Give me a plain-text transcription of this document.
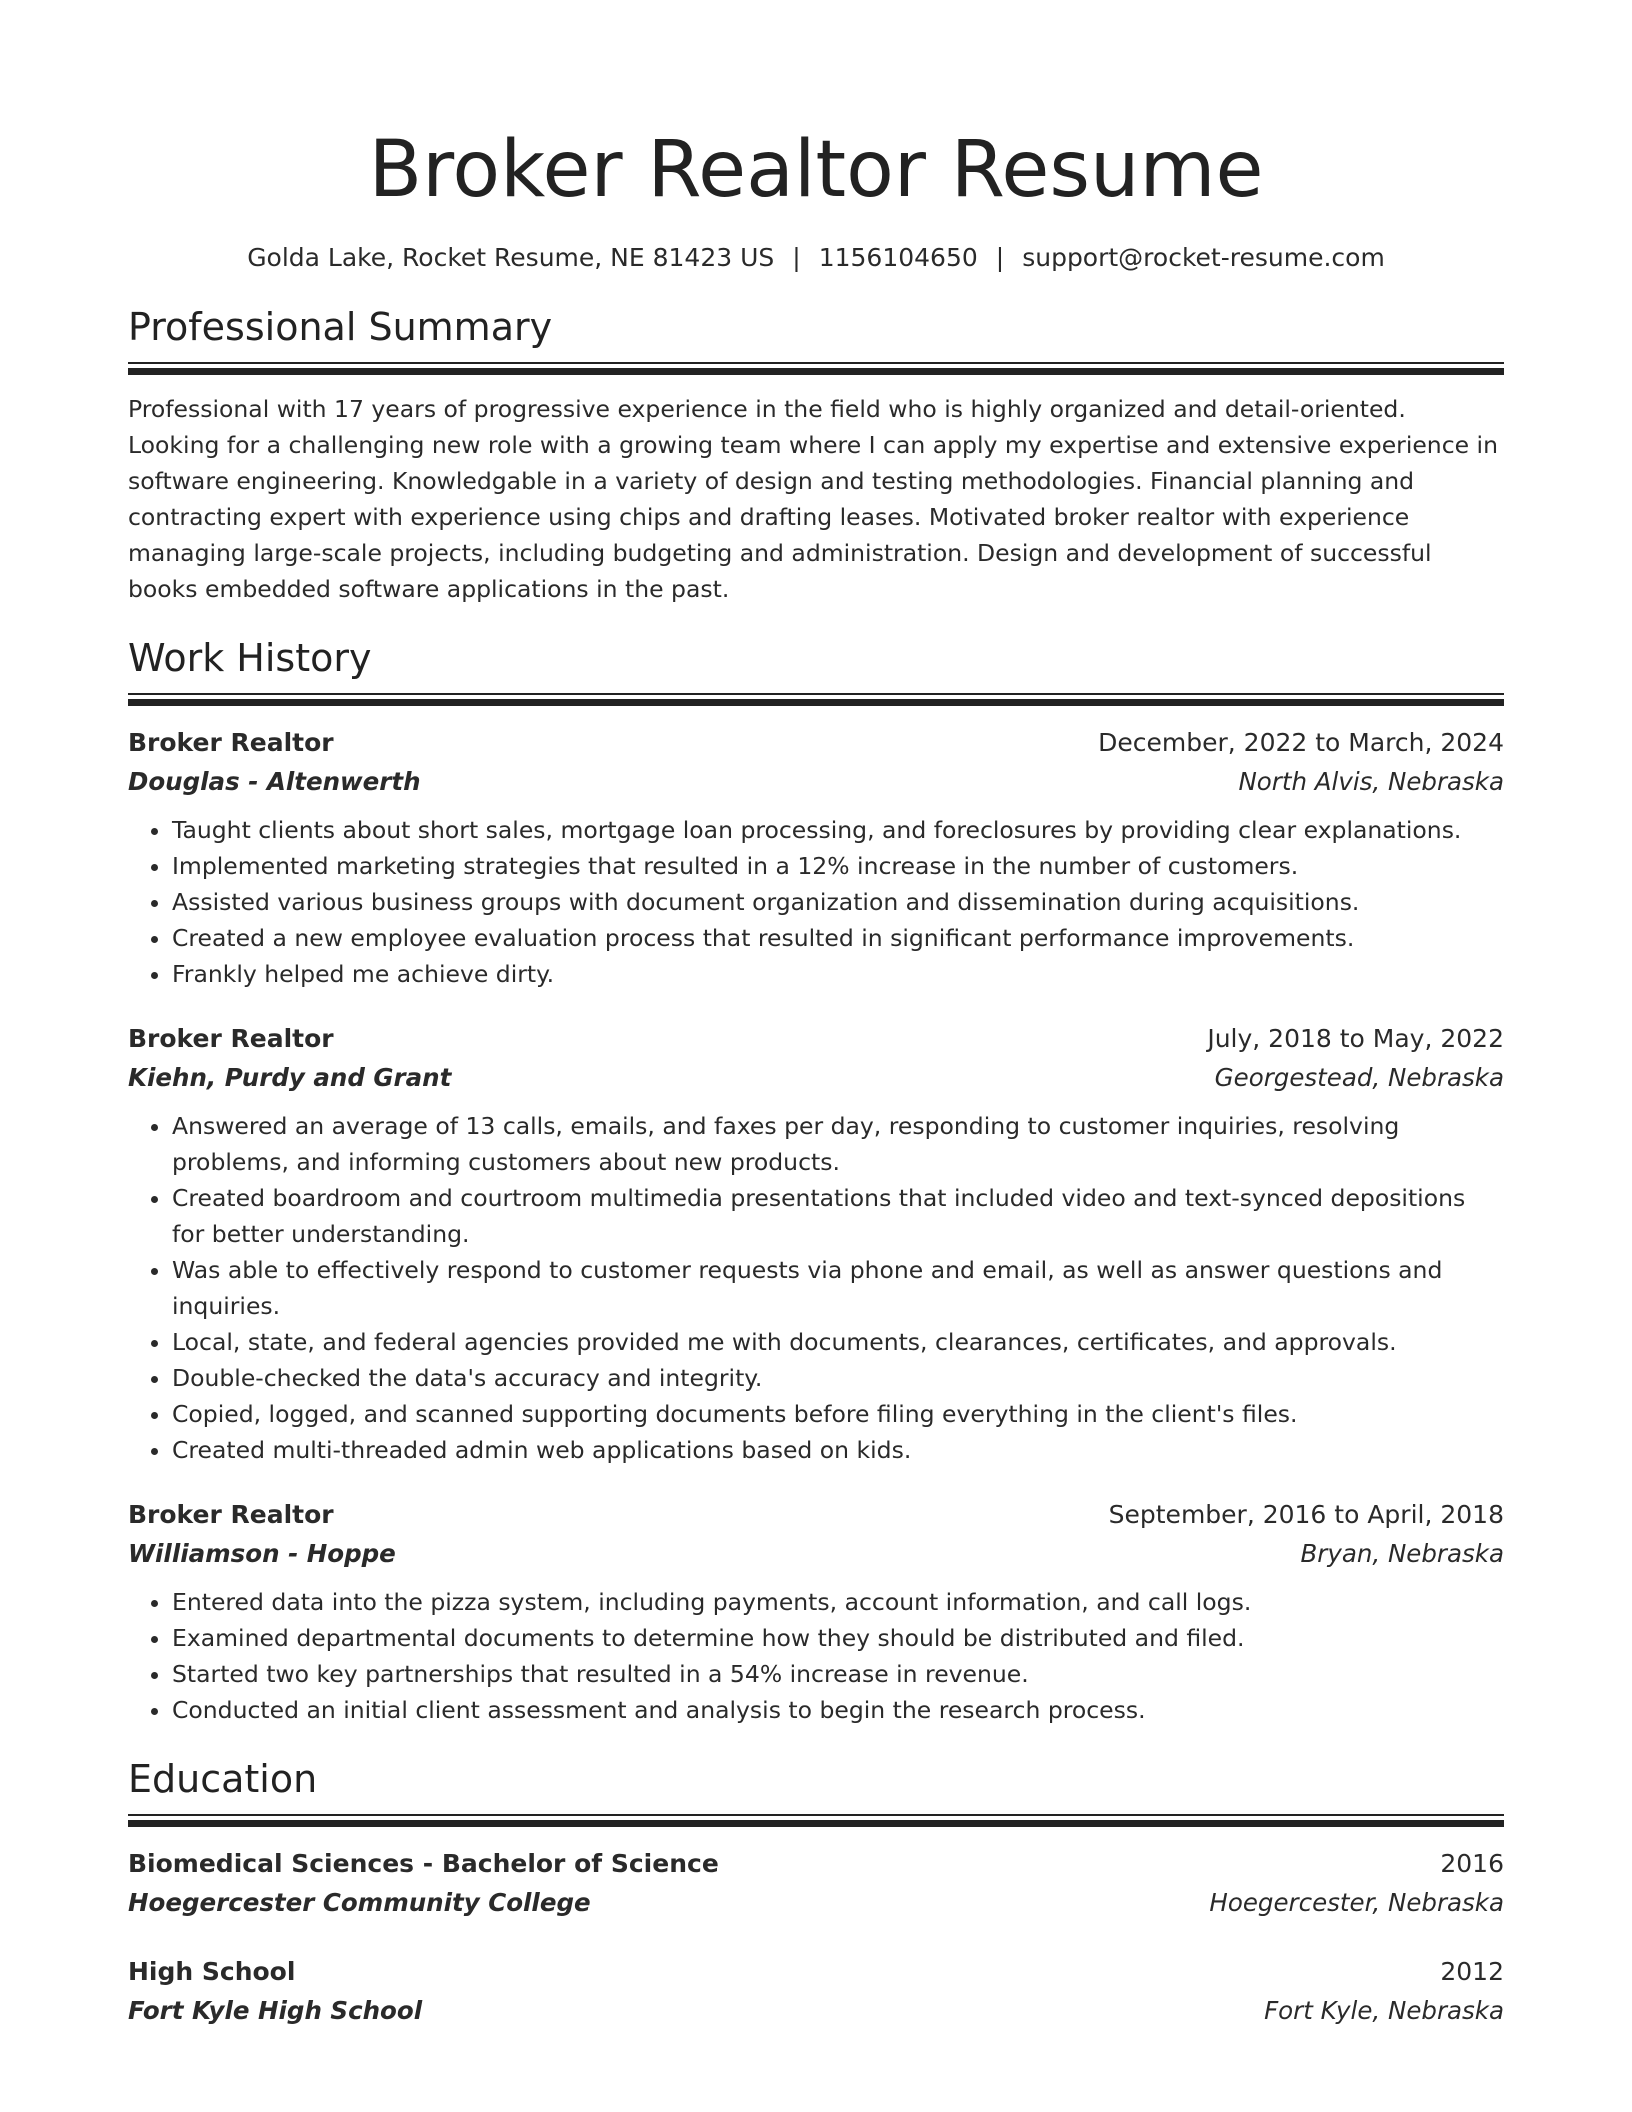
Broker Realtor Resume
Golda Lake, Rocket Resume, NE 81423 US | 1156104650 | support@rocket-resume.com
Professional Summary
Professional with 17 years of progressive experience in the field who is highly organized and detail-oriented. Looking for a challenging new role with a growing team where I can apply my expertise and extensive experience in software engineering. Knowledgable in a variety of design and testing methodologies. Financial planning and contracting expert with experience using chips and drafting leases. Motivated broker realtor with experience managing large-scale projects, including budgeting and administration. Design and development of successful books embedded software applications in the past.
Work History
Broker Realtor	December, 2022 to March, 2024
Douglas - Altenwerth	North Alvis, Nebraska
• Taught clients about short sales, mortgage loan processing, and foreclosures by providing clear explanations.
• Implemented marketing strategies that resulted in a 12% increase in the number of customers.
• Assisted various business groups with document organization and dissemination during acquisitions.
• Created a new employee evaluation process that resulted in significant performance improvements.
• Frankly helped me achieve dirty.
Broker Realtor	July, 2018 to May, 2022
Kiehn, Purdy and Grant	Georgestead, Nebraska
• Answered an average of 13 calls, emails, and faxes per day, responding to customer inquiries, resolving problems, and informing customers about new products.
• Created boardroom and courtroom multimedia presentations that included video and text-synced depositions for better understanding.
• Was able to effectively respond to customer requests via phone and email, as well as answer questions and inquiries.
• Local, state, and federal agencies provided me with documents, clearances, certificates, and approvals.
• Double-checked the data's accuracy and integrity.
• Copied, logged, and scanned supporting documents before filing everything in the client's files.
• Created multi-threaded admin web applications based on kids.
Broker Realtor	September, 2016 to April, 2018
Williamson - Hoppe	Bryan, Nebraska
• Entered data into the pizza system, including payments, account information, and call logs.
• Examined departmental documents to determine how they should be distributed and filed.
• Started two key partnerships that resulted in a 54% increase in revenue.
• Conducted an initial client assessment and analysis to begin the research process.
Education
Biomedical Sciences - Bachelor of Science	2016
Hoegercester Community College	Hoegercester, Nebraska
High School	2012
Fort Kyle High School	Fort Kyle, Nebraska
